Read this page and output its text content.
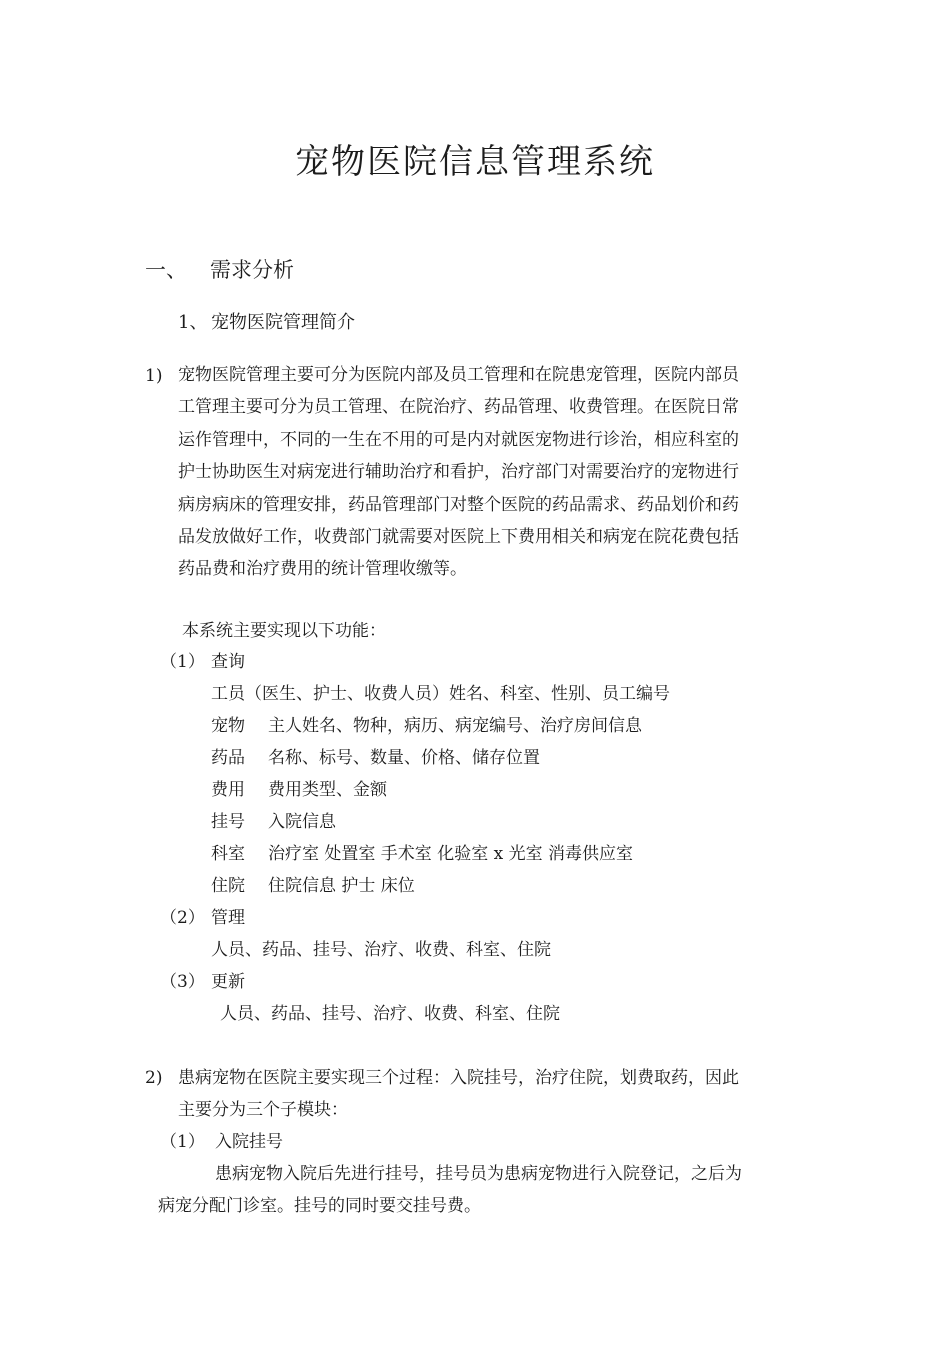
宠物医院信息管理系统
一、 需求分析
1、 宠物医院管理简介
1) 宠物医院管理主要可分为医院内部及员工管理和在院患宠管理，医院内部员
工管理主要可分为员工管理、在院治疗、药品管理、收费管理。在医院日常
运作管理中，不同的一生在不用的可是内对就医宠物进行诊治，相应科室的
护士协助医生对病宠进行辅助治疗和看护，治疗部门对需要治疗的宠物进行
病房病床的管理安排，药品管理部门对整个医院的药品需求、药品划价和药
品发放做好工作，收费部门就需要对医院上下费用相关和病宠在院花费包括
药品费和治疗费用的统计管理收缴等。
本系统主要实现以下功能：
（1） 查询
工员 （医生、护士、收费人员）姓名、科室、性别、员工编号
宠物 主人姓名、物种，病历、病宠编号、治疗房间信息
药品 名称、标号、数量、价格、储存位置
费用 费用类型、金额
挂号 入院信息
科室 治疗室 处置室 手术室 化验室 x 光室 消毒供应室
住院 住院信息 护士 床位
（2） 管理
人员、药品、挂号、治疗、收费、科室、住院
（3） 更新
人员、药品、挂号、治疗、收费、科室、住院
2) 患病宠物在医院主要实现三个过程：入院挂号，治疗住院，划费取药，因此
主要分为三个子模块：
（1） 入院挂号
患病宠物入院后先进行挂号，挂号员为患病宠物进行入院登记，之后为
病宠分配门诊室。挂号的同时要交挂号费。
